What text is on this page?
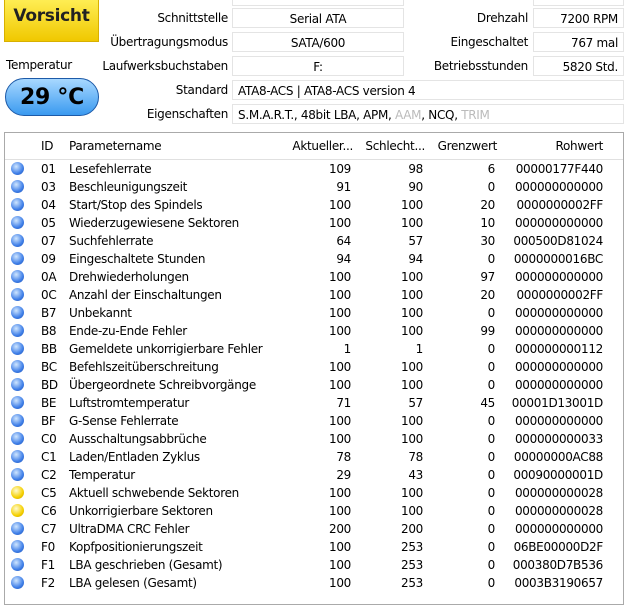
Vorsicht
Temperatur
29 °C
Schnittstelle	Serial ATA	Drehzahl	7200 RPM
Übertragungsmodus	SATA/600	Eingeschaltet	767 mal
Laufwerksbuchstaben	F:	Betriebsstunden	5820 Std.
Standard ATA8-ACS | ATA8-ACS version 4
Eigenschaften S.M.A.R.T., 48bit LBA, APM, AAM, NCQ, TRIM
ID Parametername	Aktueller...	Schlecht...	Grenzwert	Rohwert
01 Lesefehlerrate	109	98	6	00000177F440
03 Beschleunigungszeit	91	90	0	000000000000
04 Start/Stop des Spindels	100	100	20	0000000002FF
05 Wiederzugewiesene Sektoren	100	100	10	000000000000
07 Suchfehlerrate	64	57	30	000500D81024
09 Eingeschaltete Stunden	94	94	0	0000000016BC
0A Drehwiederholungen	100	100	97	000000000000
0C Anzahl der Einschaltungen	100	100	20	0000000002FF
B7 Unbekannt	100	100	0	000000000000
B8 Ende-zu-Ende Fehler	100	100	99	000000000000
BB Gemeldete unkorrigierbare Fehler	1	1	0	000000000112
BC Befehlszeitüberschreitung	100	100	0	000000000000
BD Übergeordnete Schreibvorgänge	100	100	0	000000000000
BE Luftstromtemperatur	71	57	45	00001D13001D
BF G-Sense Fehlerrate	100	100	0	000000000000
C0 Ausschaltungsabbrüche	100	100	0	000000000033
C1 Laden/Entladen Zyklus	78	78	0	00000000AC88
C2 Temperatur	29	43	0	00090000001D
C5 Aktuell schwebende Sektoren	100	100	0	000000000028
C6 Unkorrigierbare Sektoren	100	100	0	000000000028
C7 UltraDMA CRC Fehler	200	200	0	000000000000
F0 Kopfpositionierungszeit	100	253	0	06BE00000D2F
F1 LBA geschrieben (Gesamt)	100	253	0	000380D7B536
F2 LBA gelesen (Gesamt)	100	253	0	0003B3190657
